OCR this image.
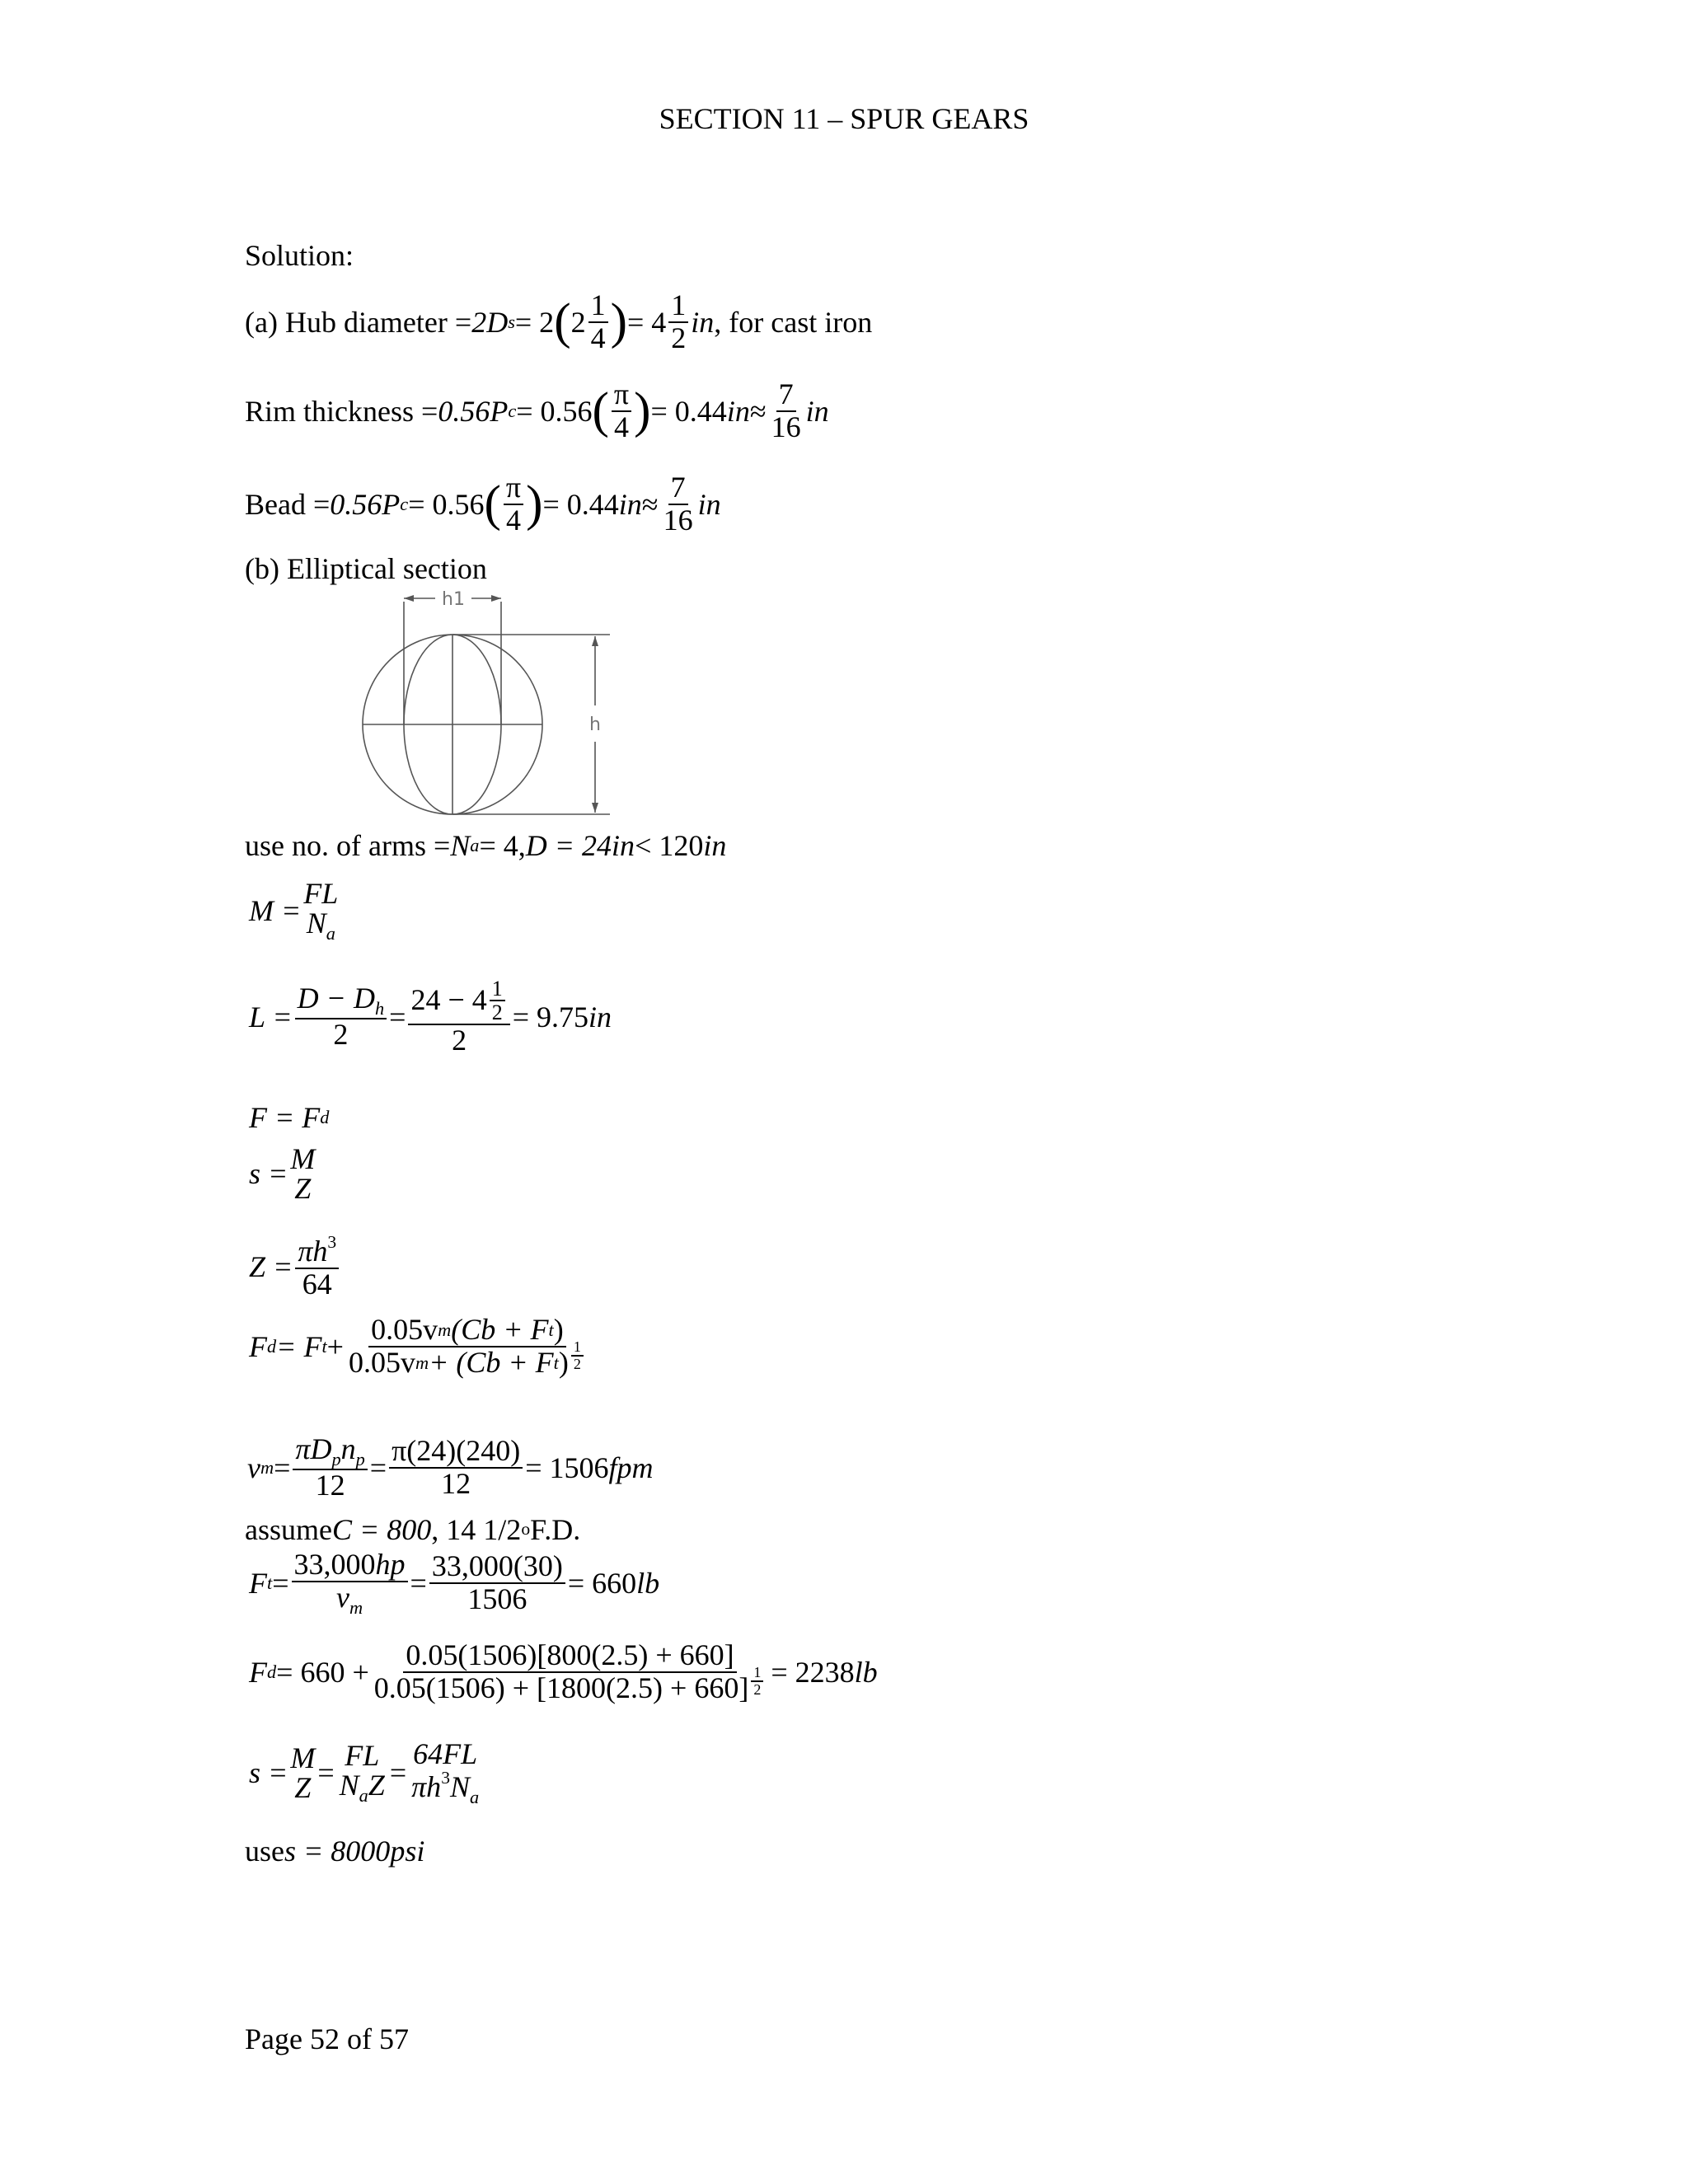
SECTION 11 – SPUR GEARS
Solution:
(a) Hub diameter = 2D s = 2 ( 2
1
4 ) = 4
1
2 in , for cast iron
Rim thickness = 0.56P c = 0.56 ( π
4 ) = 0.44 in ≈ $\frac{7}{16}$ in
Bead = 0.56P c = 0.56 ( π
4 ) = 0.44 in ≈ $\frac{7}{16}$ in
(b) Elliptical section
h1
h
use no. of arms = N a = 4, D = 24 in < 120 in
M =
FL
$N_a$
$L = \frac{D - D_h}{2} = 24 - 4$ 1
2
2 = 9.75 in
F = F d
s = M
Z
$Z = \frac{\pi h^3}{64}$
F d = F t + 0.05v m (Cb + F t )
0.05v m + (Cb + F t ) 1
2
v m =
$\pi D_pn_p$
12
= $\frac{\pi(24)(240)}{12} = 1506$ fpm
assume C = 800 , 14 1/2 o F.D.
F $t = \frac{33,000hp}{v_m} = \frac{33,000(30)}{1506} = 660$ lb
F d = 660 + 0.05(1506)[800(2.5) + 660]
0.05(1506) + [1800(2.5) + 660] 1
2 = 2238 lb
s = M
Z =
FL
$N_aZ$ =
64FL
$\pi h^3N_a$
use s = 8000 psi
Page 52 of 57
